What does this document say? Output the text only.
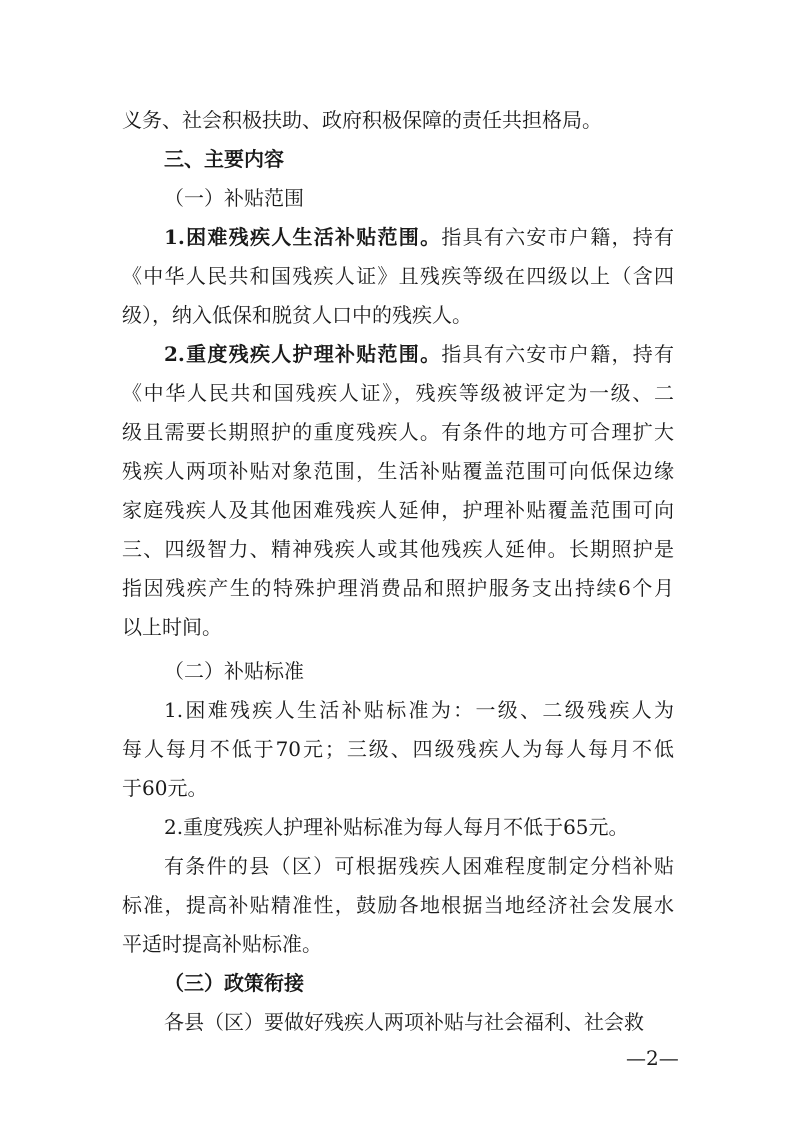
义务、社会积极扶助、政府积极保障的责任共担格局。
三、主要内容
（一）补贴范围
1.困难残疾人生活补贴范围。指具有六安市户籍，持有
《中华人民共和国残疾人证》且残疾等级在四级以上（含四
级），纳入低保和脱贫人口中的残疾人。
2.重度残疾人护理补贴范围。指具有六安市户籍，持有
《中华人民共和国残疾人证》，残疾等级被评定为一级、二
级且需要长期照护的重度残疾人。有条件的地方可合理扩大
残疾人两项补贴对象范围，生活补贴覆盖范围可向低保边缘
家庭残疾人及其他困难残疾人延伸，护理补贴覆盖范围可向
三、四级智力、精神残疾人或其他残疾人延伸。长期照护是
指因残疾产生的特殊护理消费品和照护服务支出持续6个月
以上时间。
（二）补贴标准
1.困难残疾人生活补贴标准为：一级、二级残疾人为
每人每月不低于70元；三级、四级残疾人为每人每月不低
于60元。
2.重度残疾人护理补贴标准为每人每月不低于65元。
有条件的县（区）可根据残疾人困难程度制定分档补贴
标准，提高补贴精准性，鼓励各地根据当地经济社会发展水
平适时提高补贴标准。
（三）政策衔接
各县（区）要做好残疾人两项补贴与社会福利、社会救
—2—
